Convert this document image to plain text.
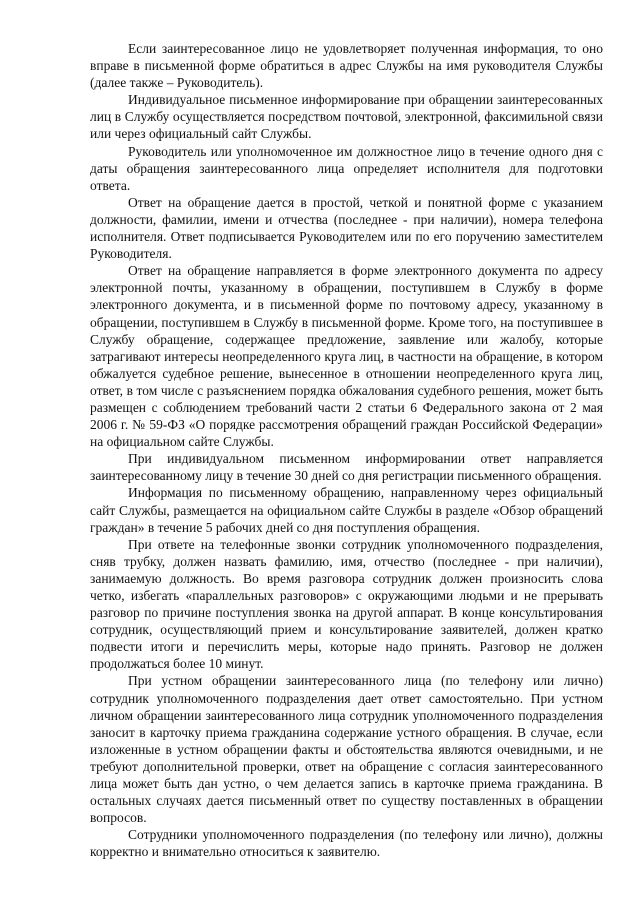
Если заинтересованное лицо не удовлетворяет полученная информация, то оно вправе в письменной форме обратиться в адрес Службы на имя руководителя Службы (далее также – Руководитель).

Индивидуальное письменное информирование при обращении заинтересованных лиц в Службу осуществляется посредством почтовой, электронной, факсимильной связи или через официальный сайт Службы.

Руководитель или уполномоченное им должностное лицо в течение одного дня с даты обращения заинтересованного лица определяет исполнителя для подготовки ответа.

Ответ на обращение дается в простой, четкой и понятной форме с указанием должности, фамилии, имени и отчества (последнее - при наличии), номера телефона исполнителя. Ответ подписывается Руководителем или по его поручению заместителем Руководителя.

Ответ на обращение направляется в форме электронного документа по адресу электронной почты, указанному в обращении, поступившем в Службу в форме электронного документа, и в письменной форме по почтовому адресу, указанному в обращении, поступившем в Службу в письменной форме. Кроме того, на поступившее в Службу обращение, содержащее предложение, заявление или жалобу, которые затрагивают интересы неопределенного круга лиц, в частности на обращение, в котором обжалуется судебное решение, вынесенное в отношении неопределенного круга лиц, ответ, в том числе с разъяснением порядка обжалования судебного решения, может быть размещен с соблюдением требований части 2 статьи 6 Федерального закона от 2 мая 2006 г. № 59-ФЗ «О порядке рассмотрения обращений граждан Российской Федерации» на официальном сайте Службы.

При индивидуальном письменном информировании ответ направляется заинтересованному лицу в течение 30 дней со дня регистрации письменного обращения.

Информация по письменному обращению, направленному через официальный сайт Службы, размещается на официальном сайте Службы в разделе «Обзор обращений граждан» в течение 5 рабочих дней со дня поступления обращения.

При ответе на телефонные звонки сотрудник уполномоченного подразделения, сняв трубку, должен назвать фамилию, имя, отчество (последнее - при наличии), занимаемую должность. Во время разговора сотрудник должен произносить слова четко, избегать «параллельных разговоров» с окружающими людьми и не прерывать разговор по причине поступления звонка на другой аппарат. В конце консультирования сотрудник, осуществляющий прием и консультирование заявителей, должен кратко подвести итоги и перечислить меры, которые надо принять. Разговор не должен продолжаться более 10 минут.

При устном обращении заинтересованного лица (по телефону или лично) сотрудник уполномоченного подразделения дает ответ самостоятельно. При устном личном обращении заинтересованного лица сотрудник уполномоченного подразделения заносит в карточку приема гражданина содержание устного обращения. В случае, если изложенные в устном обращении факты и обстоятельства являются очевидными, и не требуют дополнительной проверки, ответ на обращение с согласия заинтересованного лица может быть дан устно, о чем делается запись в карточке приема гражданина. В остальных случаях дается письменный ответ по существу поставленных в обращении вопросов.

Сотрудники уполномоченного подразделения (по телефону или лично), должны корректно и внимательно относиться к заявителю.
